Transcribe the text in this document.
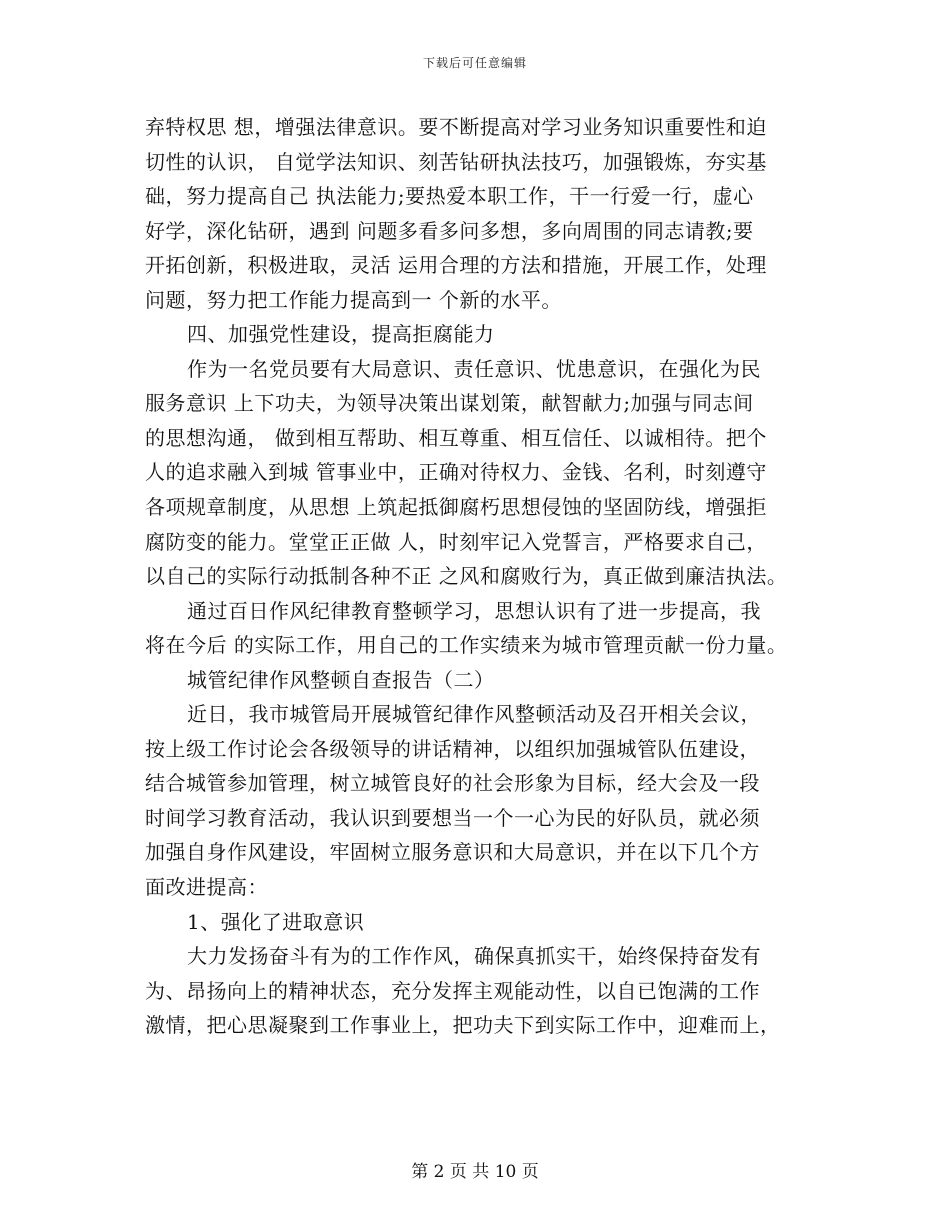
下载后可任意编辑
弃特权思 想，增强法律意识。要不断提高对学习业务知识重要性和迫
切性的认识， 自觉学法知识、刻苦钻研执法技巧，加强锻炼，夯实基
础，努力提高自己 执法能力;要热爱本职工作，干一行爱一行，虚心
好学，深化钻研，遇到 问题多看多问多想，多向周围的同志请教;要
开拓创新，积极进取，灵活 运用合理的方法和措施，开展工作，处理
问题，努力把工作能力提高到一 个新的水平。
四、加强党性建设，提高拒腐能力
作为一名党员要有大局意识、责任意识、忧患意识，在强化为民
服务意识 上下功夫，为领导决策出谋划策，献智献力;加强与同志间
的思想沟通， 做到相互帮助、相互尊重、相互信任、以诚相待。把个
人的追求融入到城 管事业中，正确对待权力、金钱、名利，时刻遵守
各项规章制度，从思想 上筑起抵御腐朽思想侵蚀的坚固防线，增强拒
腐防变的能力。堂堂正正做 人，时刻牢记入党誓言，严格要求自己，
以自己的实际行动抵制各种不正 之风和腐败行为，真正做到廉洁执法。
通过百日作风纪律教育整顿学习，思想认识有了进一步提高，我
将在今后 的实际工作，用自己的工作实绩来为城市管理贡献一份力量。
城管纪律作风整顿自查报告（二）
近日，我市城管局开展城管纪律作风整顿活动及召开相关会议，
按上级工作讨论会各级领导的讲话精神，以组织加强城管队伍建设，
结合城管参加管理，树立城管良好的社会形象为目标，经大会及一段
时间学习教育活动，我认识到要想当一个一心为民的好队员，就必须
加强自身作风建设，牢固树立服务意识和大局意识，并在以下几个方
面改进提高：
1、强化了进取意识
大力发扬奋斗有为的工作作风，确保真抓实干，始终保持奋发有
为、昂扬向上的精神状态，充分发挥主观能动性，以自已饱满的工作
激情，把心思凝聚到工作事业上，把功夫下到实际工作中，迎难而上，
第 2 页 共 10 页
